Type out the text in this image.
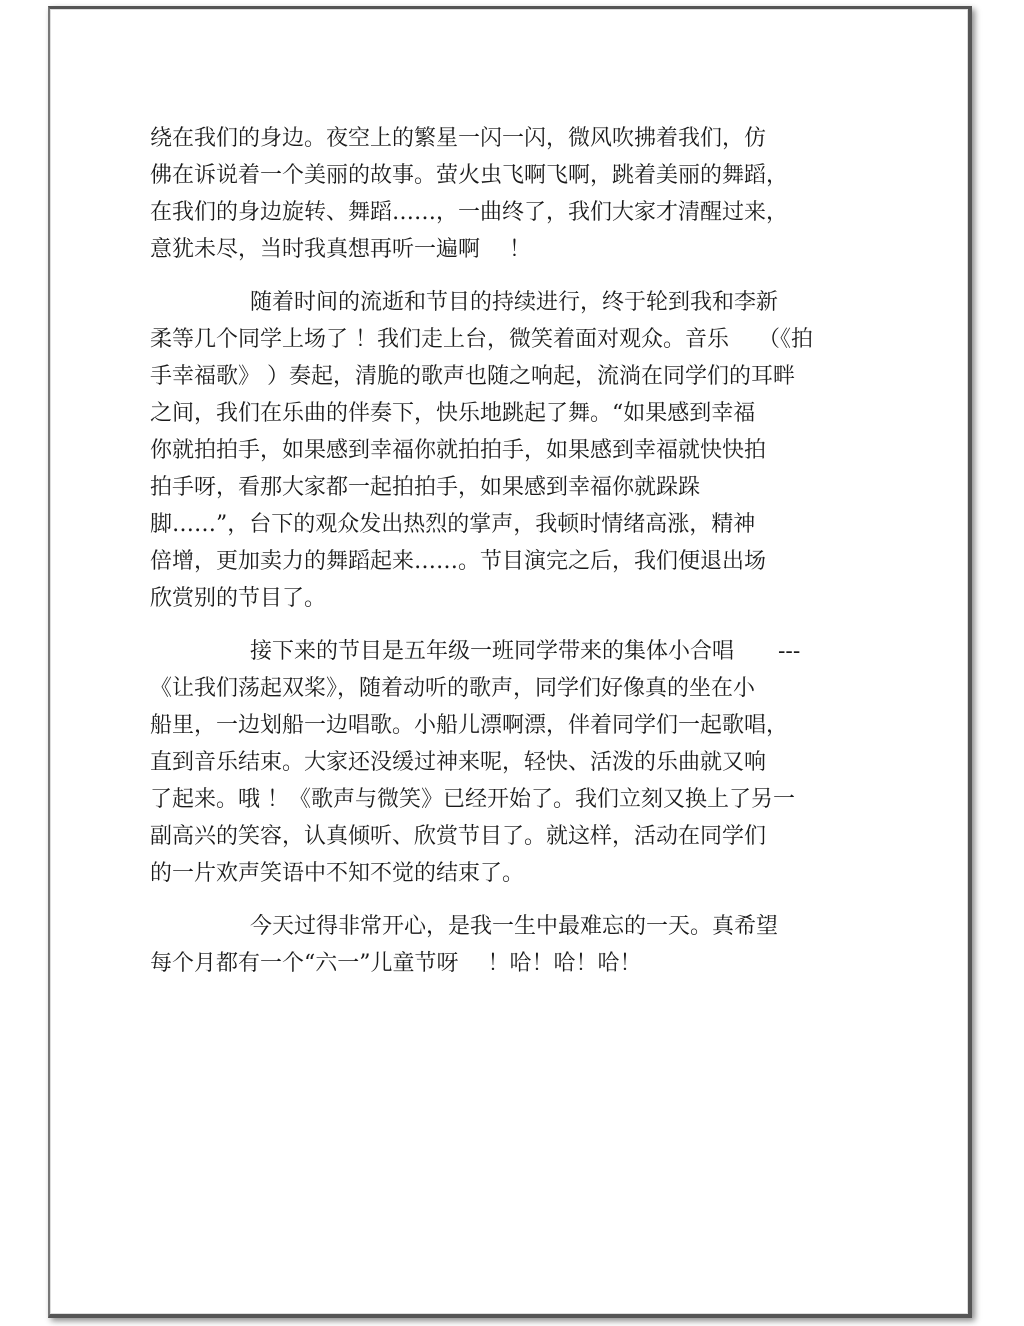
绕在我们的身边。夜空上的繁星一闪一闪，微风吹拂着我们，仿
佛在诉说着一个美丽的故事。萤火虫飞啊飞啊，跳着美丽的舞蹈，
在我们的身边旋转、舞蹈……，一曲终了，我们大家才清醒过来，
意犹未尽，当时我真想再听一遍啊　 ！
随着时间的流逝和节目的持续进行，终于轮到我和李新
柔等几个同学上场了 ！我们走上台，微笑着面对观众。音乐　 （《拍
手幸福歌》 ）奏起，清脆的歌声也随之响起，流淌在同学们的耳畔
之间，我们在乐曲的伴奏下，快乐地跳起了舞。“如果感到幸福
你就拍拍手，如果感到幸福你就拍拍手，如果感到幸福就快快拍
拍手呀，看那大家都一起拍拍手，如果感到幸福你就跺跺
脚……”，台下的观众发出热烈的掌声，我顿时情绪高涨，精神
倍增，更加卖力的舞蹈起来……。节目演完之后，我们便退出场
欣赏别的节目了。
接下来的节目是五年级一班同学带来的集体小合唱　　---
《让我们荡起双桨》，随着动听的歌声，同学们好像真的坐在小
船里，一边划船一边唱歌。小船儿漂啊漂，伴着同学们一起歌唱，
直到音乐结束。大家还没缓过神来呢，轻快、活泼的乐曲就又响
了起来。哦 ！《歌声与微笑》已经开始了。我们立刻又换上了另一
副高兴的笑容，认真倾听、欣赏节目了。就这样，活动在同学们
的一片欢声笑语中不知不觉的结束了。
今天过得非常开心，是我一生中最难忘的一天。真希望
每个月都有一个“六一”儿童节呀　 ！哈！哈！哈！
